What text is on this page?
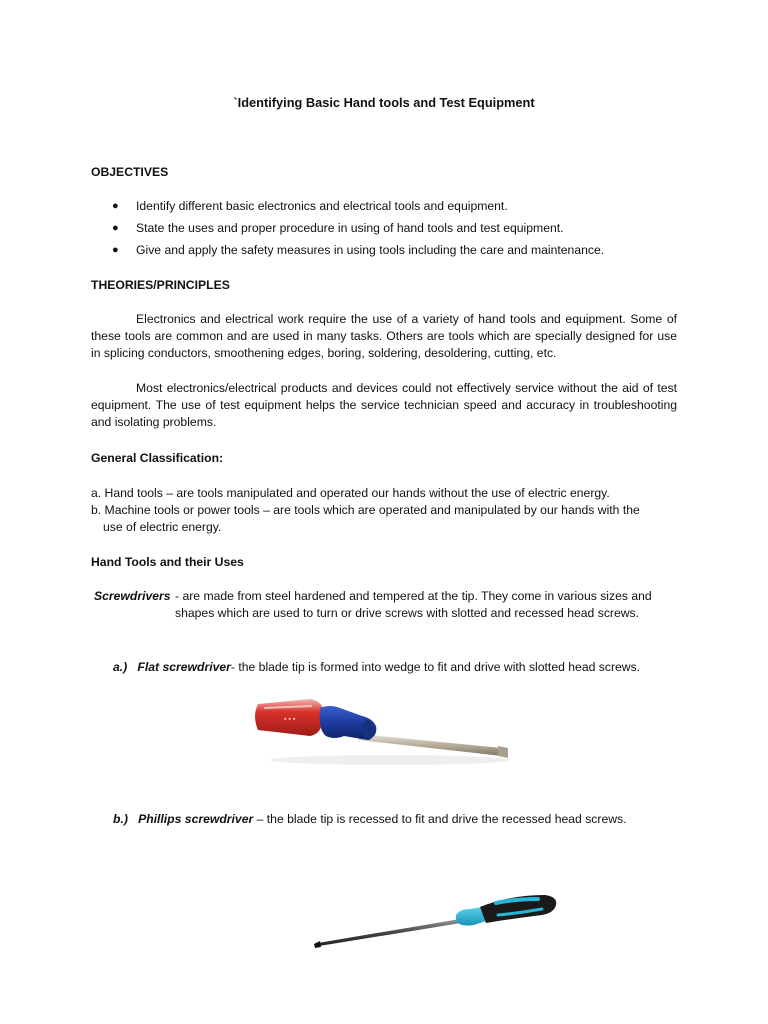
`Identifying Basic Hand tools and Test Equipment
OBJECTIVES
● Identify different basic electronics and electrical tools and equipment.
● State the uses and proper procedure in using of hand tools and test equipment.
● Give and apply the safety measures in using tools including the care and maintenance.
THEORIES/PRINCIPLES
Electronics and electrical work require the use of a variety of hand tools and equipment. Some of these tools are common and are used in many tasks. Others are tools which are specially designed for use in splicing conductors, smoothening edges, boring, soldering, desoldering, cutting, etc.
Most electronics/electrical products and devices could not effectively service without the aid of test equipment. The use of test equipment helps the service technician speed and accuracy in troubleshooting and isolating problems.
General Classification:
a. Hand tools – are tools manipulated and operated our hands without the use of electric energy.
b. Machine tools or power tools – are tools which are operated and manipulated by our hands with the
use of electric energy.
Hand Tools and their Uses
Screwdrivers - are made from steel hardened and tempered at the tip. They come in various sizes and shapes which are used to turn or drive screws with slotted and recessed head screws.
a.) Flat screwdriver- the blade tip is formed into wedge to fit and drive with slotted head screws.
▪ ▪ ▪
b.) Phillips screwdriver – the blade tip is recessed to fit and drive the recessed head screws.
